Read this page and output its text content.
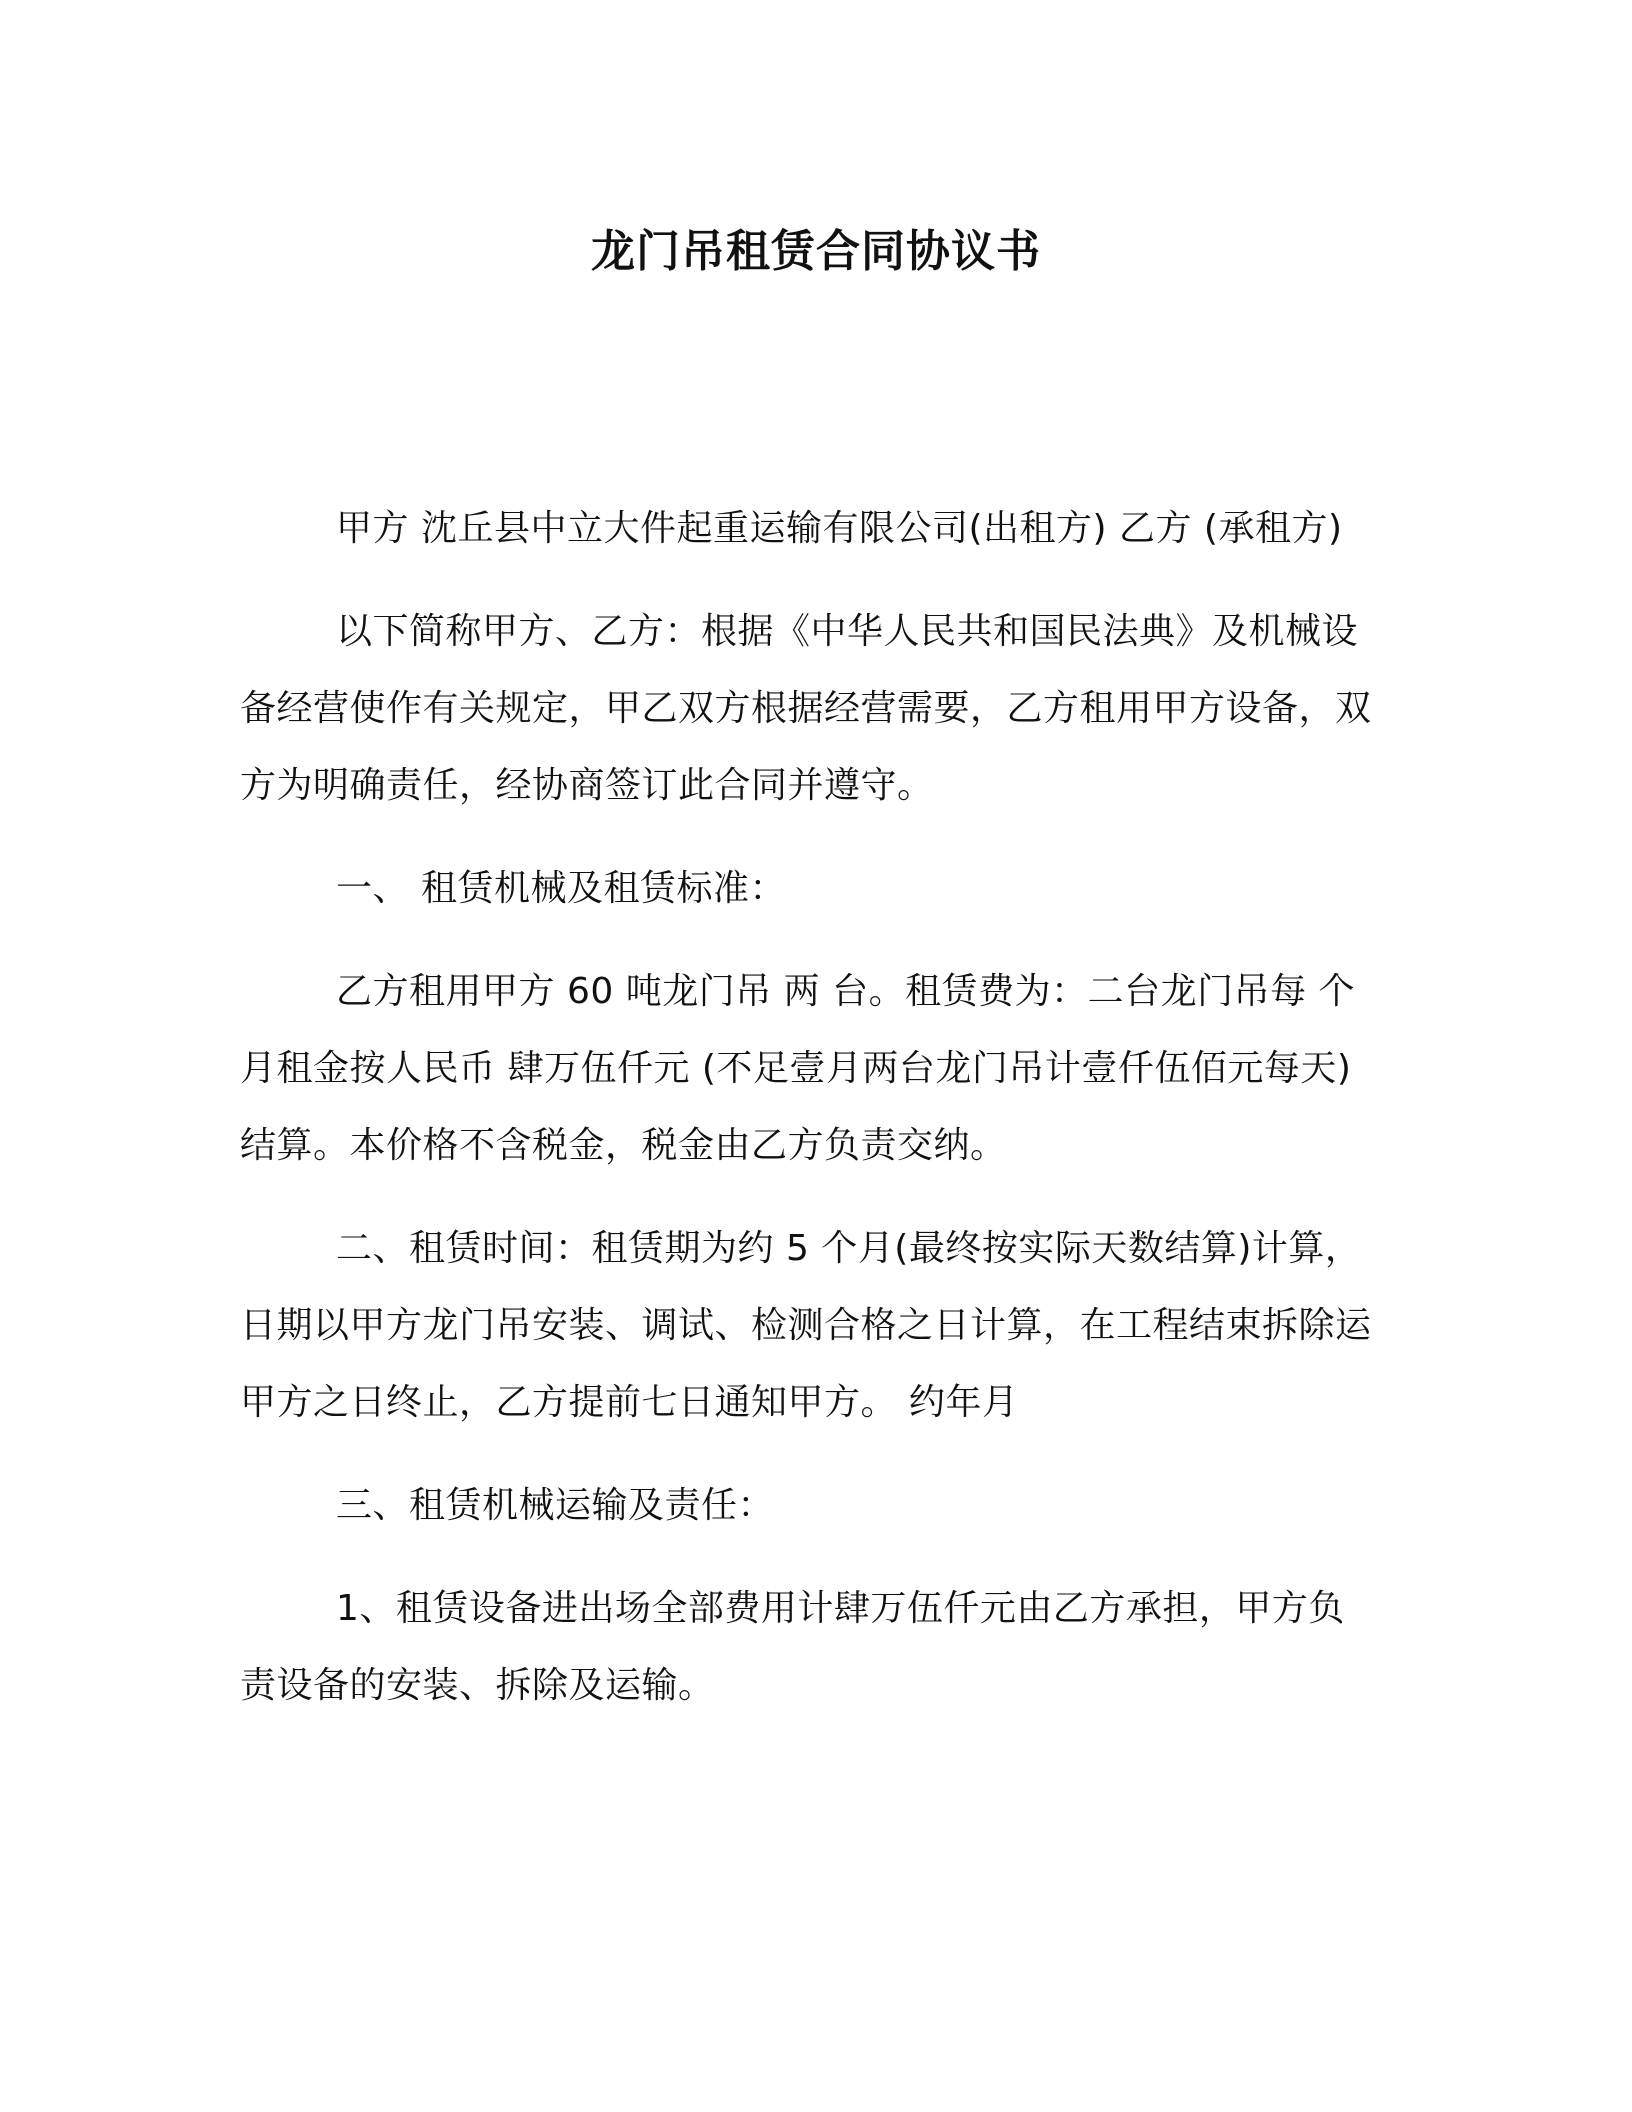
龙门吊租赁合同协议书

甲方 沈丘县中立大件起重运输有限公司(出租方) 乙方 (承租方)

以下简称甲方、乙方：根据《中华人民共和国民法典》及机械设备经营使作有关规定，甲乙双方根据经营需要，乙方租用甲方设备，双方为明确责任，经协商签订此合同并遵守。

一、 租赁机械及租赁标准：

乙方租用甲方 60 吨龙门吊 两 台。租赁费为：二台龙门吊每 个月租金按人民币 肆万伍仟元 (不足壹月两台龙门吊计壹仟伍佰元每天)结算。本价格不含税金，税金由乙方负责交纳。

二、租赁时间：租赁期为约 5 个月(最终按实际天数结算)计算，日期以甲方龙门吊安装、调试、检测合格之日计算，在工程结束拆除运甲方之日终止，乙方提前七日通知甲方。 约年月

三、租赁机械运输及责任：

1、租赁设备进出场全部费用计肆万伍仟元由乙方承担，甲方负责设备的安装、拆除及运输。
